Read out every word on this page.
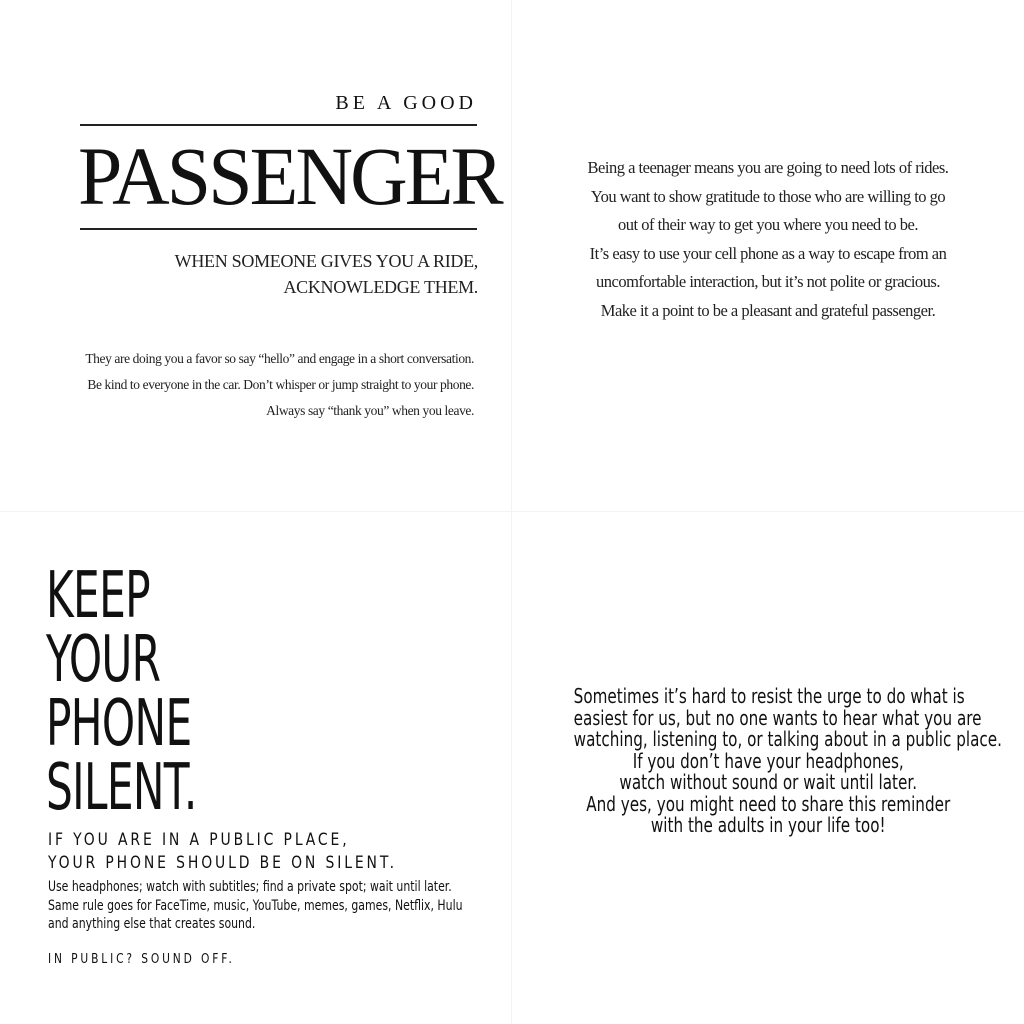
BE A GOOD
PASSENGER
WHEN SOMEONE GIVES YOU A RIDE,
ACKNOWLEDGE THEM.
They are doing you a favor so say “hello” and engage in a short conversation.
Be kind to everyone in the car. Don’t whisper or jump straight to your phone.
Always say “thank you” when you leave.
Being a teenager means you are going to need lots of rides.
You want to show gratitude to those who are willing to go
out of their way to get you where you need to be.
It’s easy to use your cell phone as a way to escape from an
uncomfortable interaction, but it’s not polite or gracious.
Make it a point to be a pleasant and grateful passenger.
KEEP
YOUR
PHONE
SILENT.
IF YOU ARE IN A PUBLIC PLACE,
YOUR PHONE SHOULD BE ON SILENT.
Use headphones; watch with subtitles; find a private spot; wait until later.
Same rule goes for FaceTime, music, YouTube, memes, games, Netflix, Hulu
and anything else that creates sound.
IN PUBLIC? SOUND OFF.
Sometimes it’s hard to resist the urge to do what is
easiest for us, but no one wants to hear what you are
watching, listening to, or talking about in a public place.
If you don’t have your headphones,
watch without sound or wait until later.
And yes, you might need to share this reminder
with the adults in your life too!
